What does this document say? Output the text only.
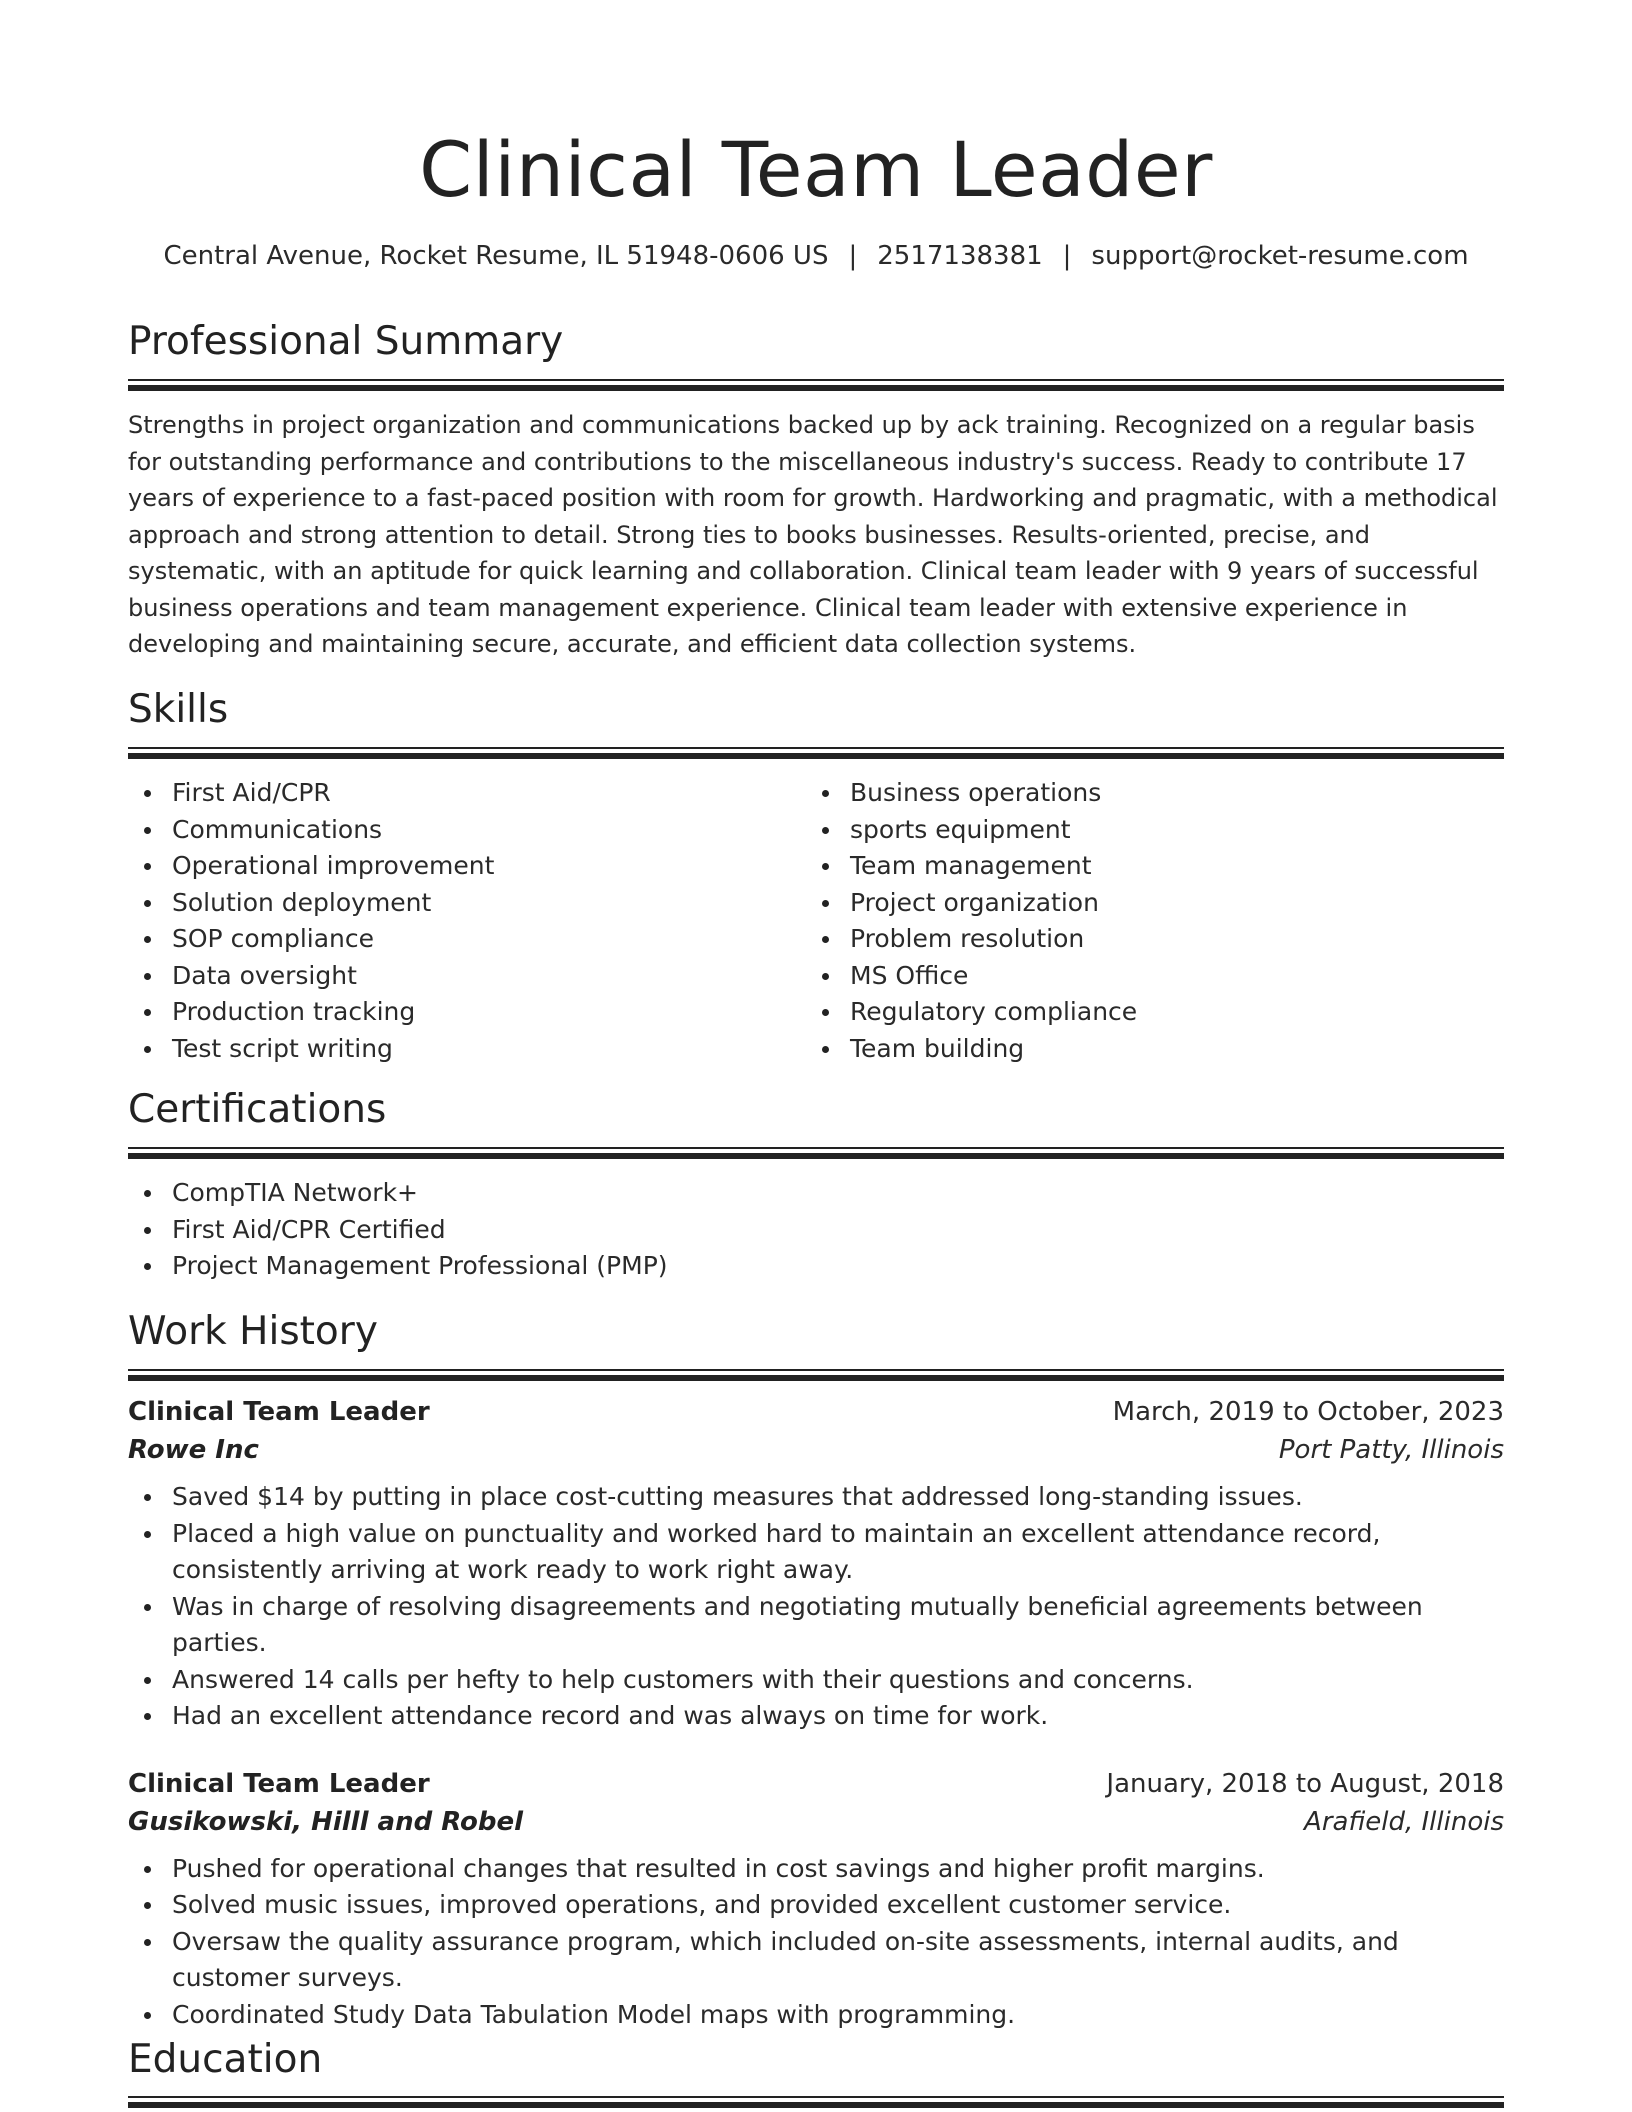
Clinical Team Leader
Central Avenue, Rocket Resume, IL 51948-0606 US | 2517138381 | support@rocket-resume.com
Professional Summary
Strengths in project organization and communications backed up by ack training. Recognized on a regular basis for outstanding performance and contributions to the miscellaneous industry's success. Ready to contribute 17 years of experience to a fast-paced position with room for growth. Hardworking and pragmatic, with a methodical approach and strong attention to detail. Strong ties to books businesses. Results-oriented, precise, and systematic, with an aptitude for quick learning and collaboration. Clinical team leader with 9 years of successful business operations and team management experience. Clinical team leader with extensive experience in developing and maintaining secure, accurate, and efficient data collection systems.
Skills
First Aid/CPR
Communications
Operational improvement
Solution deployment
SOP compliance
Data oversight
Production tracking
Test script writing
Business operations
sports equipment
Team management
Project organization
Problem resolution
MS Office
Regulatory compliance
Team building
Certifications
CompTIA Network+
First Aid/CPR Certified
Project Management Professional (PMP)
Work History
Clinical Team Leader	March, 2019 to October, 2023
Rowe Inc	Port Patty, Illinois
Saved $14 by putting in place cost-cutting measures that addressed long-standing issues.
Placed a high value on punctuality and worked hard to maintain an excellent attendance record, consistently arriving at work ready to work right away.
Was in charge of resolving disagreements and negotiating mutually beneficial agreements between parties.
Answered 14 calls per hefty to help customers with their questions and concerns.
Had an excellent attendance record and was always on time for work.
Clinical Team Leader	January, 2018 to August, 2018
Gusikowski, Hilll and Robel	Arafield, Illinois
Pushed for operational changes that resulted in cost savings and higher profit margins.
Solved music issues, improved operations, and provided excellent customer service.
Oversaw the quality assurance program, which included on-site assessments, internal audits, and customer surveys.
Coordinated Study Data Tabulation Model maps with programming.
Education
